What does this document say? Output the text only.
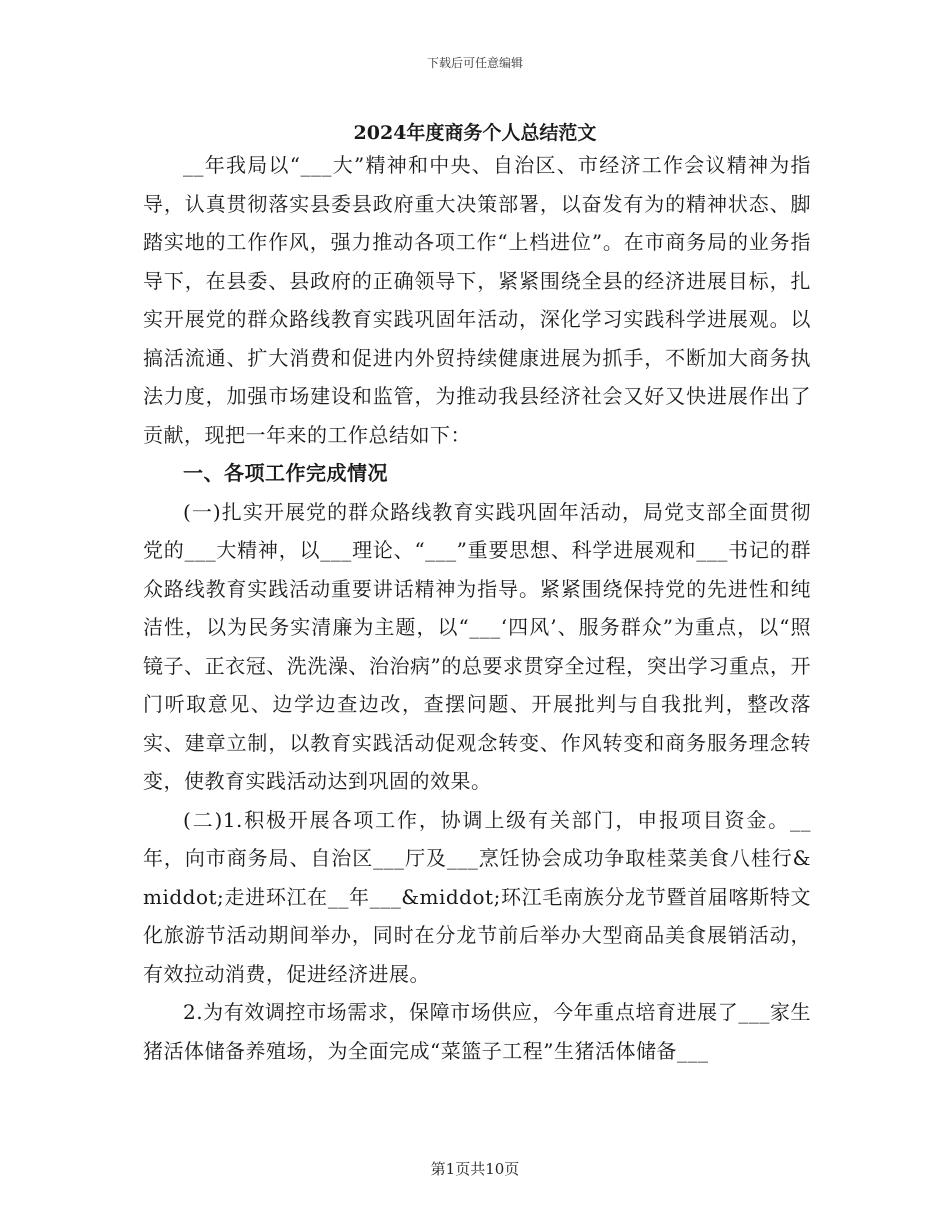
下载后可任意编辑
2024年度商务个人总结范文

__年我局以“___大”精神和中央、自治区、市经济工作会议精神为指导，认真贯彻落实县委县政府重大决策部署，以奋发有为的精神状态、脚踏实地的工作作风，强力推动各项工作“上档进位”。在市商务局的业务指导下，在县委、县政府的正确领导下，紧紧围绕全县的经济进展目标，扎实开展党的群众路线教育实践巩固年活动，深化学习实践科学进展观。以搞活流通、扩大消费和促进内外贸持续健康进展为抓手，不断加大商务执法力度，加强市场建设和监管，为推动我县经济社会又好又快进展作出了贡献，现把一年来的工作总结如下：

一、各项工作完成情况

(一)扎实开展党的群众路线教育实践巩固年活动，局党支部全面贯彻党的___大精神，以___理论、“___”重要思想、科学进展观和___书记的群众路线教育实践活动重要讲话精神为指导。紧紧围绕保持党的先进性和纯洁性，以为民务实清廉为主题，以“___‘四风’、服务群众”为重点，以“照镜子、正衣冠、洗洗澡、治治病”的总要求贯穿全过程，突出学习重点，开门听取意见、边学边查边改，查摆问题、开展批判与自我批判，整改落实、建章立制，以教育实践活动促观念转变、作风转变和商务服务理念转变，使教育实践活动达到巩固的效果。

(二)1.积极开展各项工作，协调上级有关部门，申报项目资金。__年，向市商务局、自治区___厅及___烹饪协会成功争取桂菜美食八桂行&middot;走进环江在__年___&middot;环江毛南族分龙节暨首届喀斯特文化旅游节活动期间举办，同时在分龙节前后举办大型商品美食展销活动，有效拉动消费，促进经济进展。

2.为有效调控市场需求，保障市场供应，今年重点培育进展了___家生猪活体储备养殖场，为全面完成“菜篮子工程”生猪活体储备___

第1页共10页
